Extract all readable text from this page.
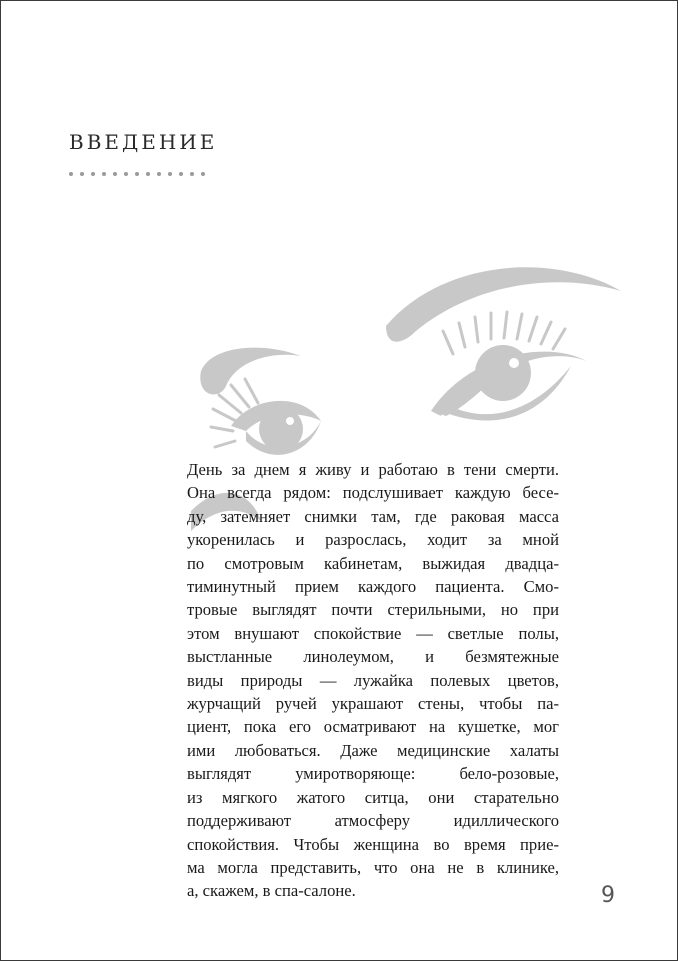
введение
День за днем я живу и работаю в тени смерти.
Она всегда рядом: подслушивает каждую бесе-
ду, затемняет снимки там, где раковая масса
укоренилась и разрослась, ходит за мной
по смотровым кабинетам, выжидая двадца-
тиминутный прием каждого пациента. Смо-
тровые выглядят почти стерильными, но при
этом внушают спокойствие — светлые полы,
выстланные линолеумом, и безмятежные
виды природы — лужайка полевых цветов,
журчащий ручей украшают стены, чтобы па-
циент, пока его осматривают на кушетке, мог
ими любоваться. Даже медицинские халаты
выглядят умиротворяюще: бело-розовые,
из мягкого жатого ситца, они старательно
поддерживают атмосферу идиллического
спокойствия. Чтобы женщина во время прие-
ма могла представить, что она не в клинике,
а, скажем, в спа-салоне.	9
